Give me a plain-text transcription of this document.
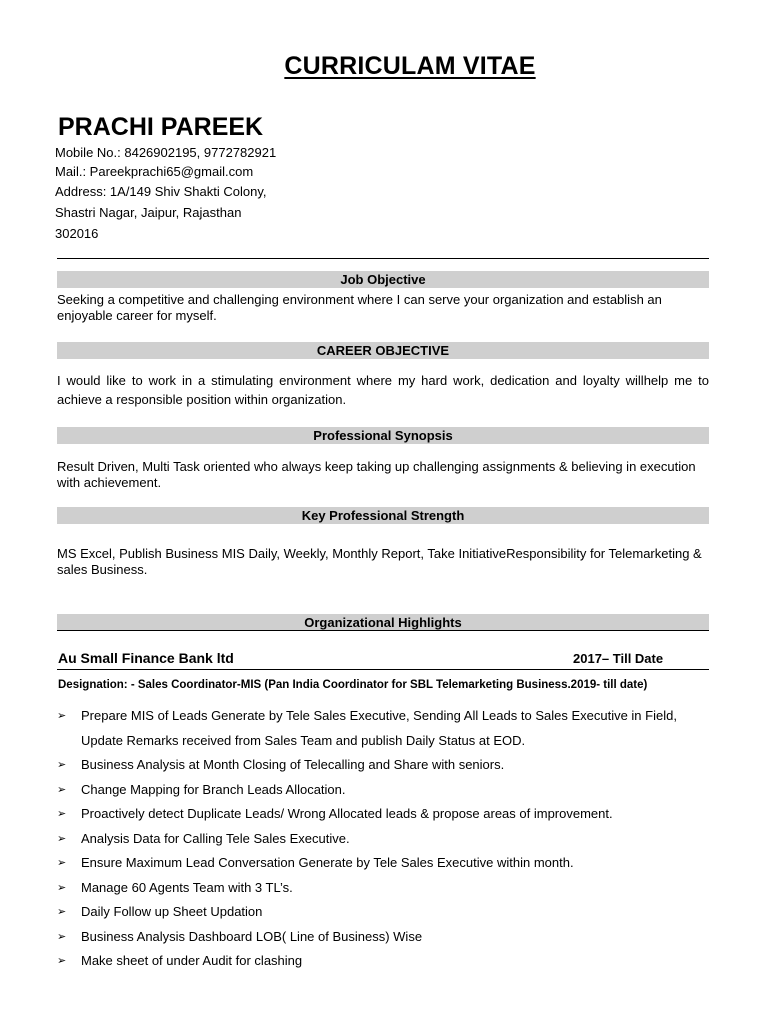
CURRICULAM VITAE
PRACHI PAREEK
Mobile No.: 8426902195, 9772782921
Mail.: Pareekprachi65@gmail.com
Address: 1A/149 Shiv Shakti Colony,
Shastri Nagar, Jaipur, Rajasthan
302016
Job Objective
Seeking a competitive and challenging environment where I can serve your organization and establish an enjoyable career for myself.
CAREER OBJECTIVE
I would like to work in a stimulating environment where my hard work, dedication and loyalty willhelp me to achieve a responsible position within organization.
Professional Synopsis
Result Driven, Multi Task oriented who always keep taking up challenging assignments & believing in execution with achievement.
Key Professional Strength
MS Excel, Publish Business MIS Daily, Weekly, Monthly Report, Take InitiativeResponsibility for Telemarketing & sales Business.
Organizational Highlights
Au Small Finance Bank ltd	2017– Till Date
Designation: - Sales Coordinator-MIS (Pan India Coordinator for SBL Telemarketing Business.2019- till date)
➢ Prepare MIS of Leads Generate by Tele Sales Executive, Sending All Leads to Sales Executive in Field, Update Remarks received from Sales Team and publish Daily Status at EOD.
➢ Business Analysis at Month Closing of Telecalling and Share with seniors.
➢ Change Mapping for Branch Leads Allocation.
➢ Proactively detect Duplicate Leads/ Wrong Allocated leads & propose areas of improvement.
➢ Analysis Data for Calling Tele Sales Executive.
➢ Ensure Maximum Lead Conversation Generate by Tele Sales Executive within month.
➢ Manage 60 Agents Team with 3 TL’s.
➢ Daily Follow up Sheet Updation
➢ Business Analysis Dashboard LOB( Line of Business) Wise
➢ Make sheet of under Audit for clashing
